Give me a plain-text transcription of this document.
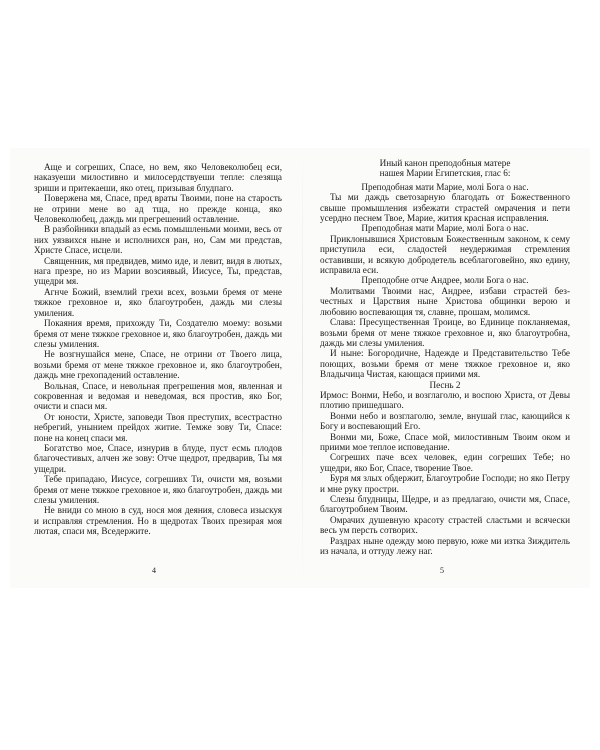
Аще и согреших, Спасе, но вем, яко Человеколюбец еси, наказуеши милостивно и милосердствуеши тепле: слезяща зриши и притекаеши, яко отец, призывая блудпаго.

Повержена мя, Спасе, пред враты Твоими, поне на старость не отрини мене во ад тща, но прежде конца, яко Человеколюбец, даждь ми прегрешений оставление.

В разбойники впадый аз есмь помышленьми моими, весь от них уязвихся ныне и исполнихся ран, но, Сам ми представ, Христе Спасе, исцели.

Священник, мя предвидев, мимо иде, и левит, видя в лютых, нага презре, но из Марии возсиявый, Иисусе, Ты, представ, ущедри мя.

Агнче Божий, вземлий грехи всех, возьми бремя от мене тяжкое греховное и, яко благоутробен, даждь ми слезы умиления.

Покаяния время, прихожду Ти, Создателю моему: возьми бремя от мене тяжкое греховное и, яко благоутробен, даждь ми слезы умиления.

Не возгнушайся мене, Спасе, не отрини от Твоего лица, возьми бремя от мене тяжкое греховное и, яко благоутробен, даждь мне грехопадений оставление.

Вольная, Спасе, и невольная прегрешения моя, явленная и сокровенная и ведомая и неведомая, вся простив, яко Бог, очисти и спаси мя.

От юности, Христе, заповеди Твоя преступих, всестрастно небрегий, унынием прейдох житие. Темже зову Ти, Спасе: поне на конец спаси мя.

Богатство мое, Спасе, изнурив в блуде, пуст есмь плодов благочестивых, алчен же зову: Отче щедрот, предварив, Ты мя ущедри.

Тебе припадаю, Иисусе, согрешивх Ти, очисти мя, возьми бремя от мене тяжкое греховное и, яко благоутробен, даждь ми слезы умиления.

Не вниди со мною в суд, нося моя деяния, словеса изыскуя и исправляя стремления. Но в щедротах Твоих презирая моя лютая, спаси мя, Вседержите.

4
Иный канон преподобныя матере
нашея Марии Египетския, глас 6:

Преподобная мати Марие, молі Бога о нас.

Ты ми даждь светозарную благодать от Божественного свыше промышления избежати страстей омрачения и пети усердно песнем Твое, Марие, жития красная исправления.

Преподобная мати Марие, молі Бога о нас.

Приклонывшися Христовым Божественным законом, к сему приступила еси, сладостей неудержимая стремления оставивши, и всякую добродетель всеблагоговейно, яко едину, исправила еси.

Преподобне отче Андрее, моли Бога о нас.

Молитвами Твоими нас, Андрее, избави страстей безчестных и Царствия ныне Христова общинки верою и любовию воспевающия тя, славне, прошам, молимся.

Слава: Пресущественная Троице, во Единице покланяемая, возьми бремя от мене тяжкое греховное и, яко благоутробна, даждь ми слезы умиления.

И ныне: Богородичне, Надежде и Представительство Тебе поющих, возьми бремя от мене тяжкое греховное и, яко Владычица Чистая, кающася приими мя.

Песнь 2

Ирмос: Вонми, Небо, и возглаголю, и воспою Христа, от Девы плотию пришедшаго.

Вонми небо и возглаголю, земле, внушай глас, кающийся к Богу и воспевающий Его.

Вонми ми, Боже, Спасе мой, милостивным Твоим оком и приими мое теплое исповедание.

Согреших паче всех человек, един согреших Тебе; но ущедри, яко Бог, Спасе, творение Твое.

Буря мя злых обдержит, Благоутробие Господи; но яко Петру и мне руку простри.

Слезы блудницы, Щедре, и аз предлагаю, очисти мя, Спасе, благоутробием Твоим.

Омрачих душевную красоту страстей сластьми и всячески весь ум персть сотворих.

Раздрах ныне одежду мою первую, юже ми изтка Зиждитель из начала, и оттуду лежу наг.

5
